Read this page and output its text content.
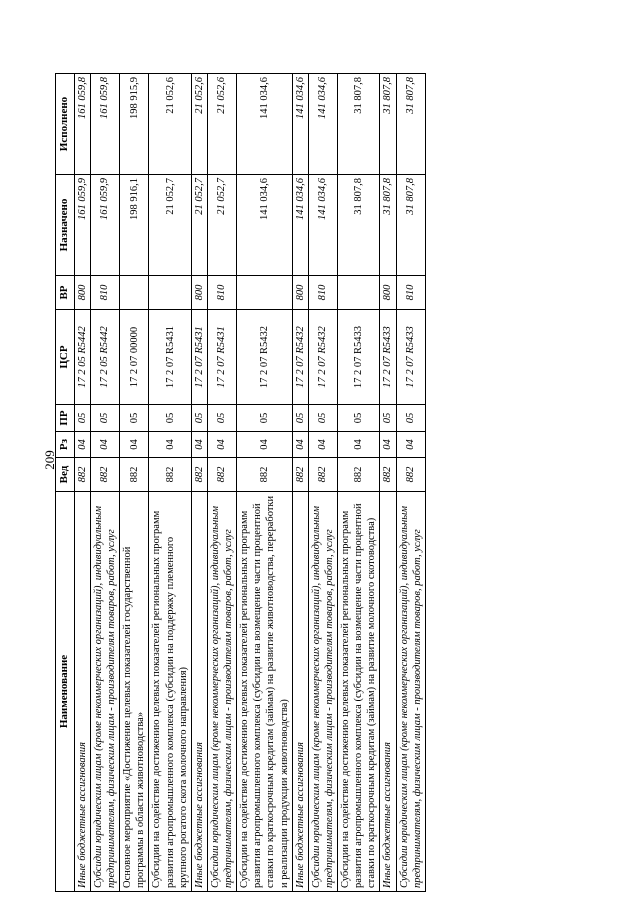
209
Наименование	Вед	Рз	ПР	ЦСР	ВР	Назначено	Исполнено
Иные бюджетные ассигнования	882	04	05	17 2 05 R5442	800	161 059,9	161 059,8
Субсидии юридическим лицам (кроме некоммерческих организаций), индивидуальным предпринимателям, физическим лицам - производителям товаров, работ, услуг	882	04	05	17 2 05 R5442	810	161 059,9	161 059,8
Основное мероприятие «Достижение целевых показателей государственной программы в области животноводства»	882	04	05	17 2 07 00000		198 916,1	198 915,9
Субсидии на содействие достижению целевых показателей региональных программ развития агропромышленного комплекса (субсидии на поддержку племенного крупного рогатого скота молочного направления)	882	04	05	17 2 07 R5431		21 052,7	21 052,6
Иные бюджетные ассигнования	882	04	05	17 2 07 R5431	800	21 052,7	21 052,6
Субсидии юридическим лицам (кроме некоммерческих организаций), индивидуальным предпринимателям, физическим лицам - производителям товаров, работ, услуг	882	04	05	17 2 07 R5431	810	21 052,7	21 052,6
Субсидии на содействие достижению целевых показателей региональных программ развития агропромышленного комплекса (субсидии на возмещение части процентной ставки по краткосрочным кредитам (займам) на развитие животноводства, переработки и реализации продукции животноводства)	882	04	05	17 2 07 R5432		141 034,6	141 034,6
Иные бюджетные ассигнования	882	04	05	17 2 07 R5432	800	141 034,6	141 034,6
Субсидии юридическим лицам (кроме некоммерческих организаций), индивидуальным предпринимателям, физическим лицам - производителям товаров, работ, услуг	882	04	05	17 2 07 R5432	810	141 034,6	141 034,6
Субсидии на содействие достижению целевых показателей региональных программ развития агропромышленного комплекса (субсидии на возмещение части процентной ставки по краткосрочным кредитам (займам) на развитие молочного скотоводства)	882	04	05	17 2 07 R5433		31 807,8	31 807,8
Иные бюджетные ассигнования	882	04	05	17 2 07 R5433	800	31 807,8	31 807,8
Субсидии юридическим лицам (кроме некоммерческих организаций), индивидуальным предпринимателям, физическим лицам - производителям товаров, работ, услуг	882	04	05	17 2 07 R5433	810	31 807,8	31 807,8
